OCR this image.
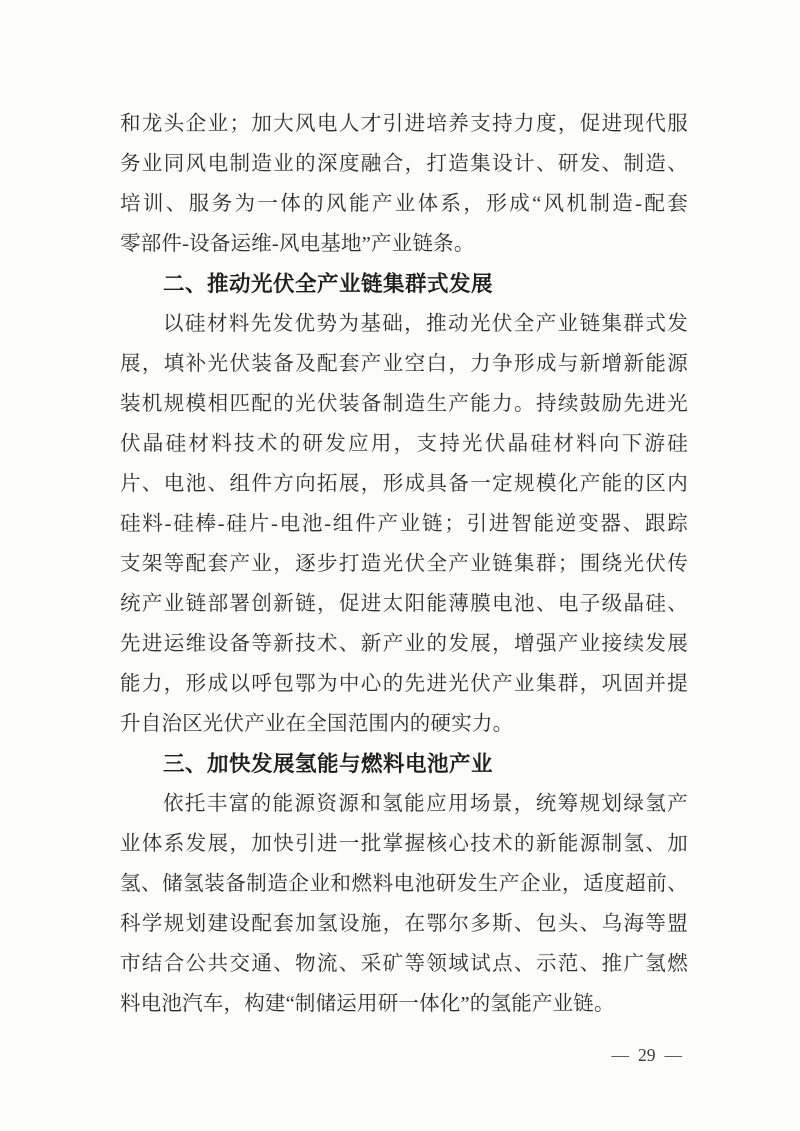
和龙头企业；加大风电人才引进培养支持力度，促进现代服
务业同风电制造业的深度融合，打造集设计、研发、制造、
培训、服务为一体的风能产业体系，形成“风机制造-配套
零部件-设备运维-风电基地”产业链条。
二、推动光伏全产业链集群式发展
以硅材料先发优势为基础，推动光伏全产业链集群式发
展，填补光伏装备及配套产业空白，力争形成与新增新能源
装机规模相匹配的光伏装备制造生产能力。持续鼓励先进光
伏晶硅材料技术的研发应用，支持光伏晶硅材料向下游硅
片、电池、组件方向拓展，形成具备一定规模化产能的区内
硅料-硅棒-硅片-电池-组件产业链；引进智能逆变器、跟踪
支架等配套产业，逐步打造光伏全产业链集群；围绕光伏传
统产业链部署创新链，促进太阳能薄膜电池、电子级晶硅、
先进运维设备等新技术、新产业的发展，增强产业接续发展
能力，形成以呼包鄂为中心的先进光伏产业集群，巩固并提
升自治区光伏产业在全国范围内的硬实力。
三、加快发展氢能与燃料电池产业
依托丰富的能源资源和氢能应用场景，统筹规划绿氢产
业体系发展，加快引进一批掌握核心技术的新能源制氢、加
氢、储氢装备制造企业和燃料电池研发生产企业，适度超前、
科学规划建设配套加氢设施，在鄂尔多斯、包头、乌海等盟
市结合公共交通、物流、采矿等领域试点、示范、推广氢燃
料电池汽车，构建“制储运用研一体化”的氢能产业链。
— 29 —
